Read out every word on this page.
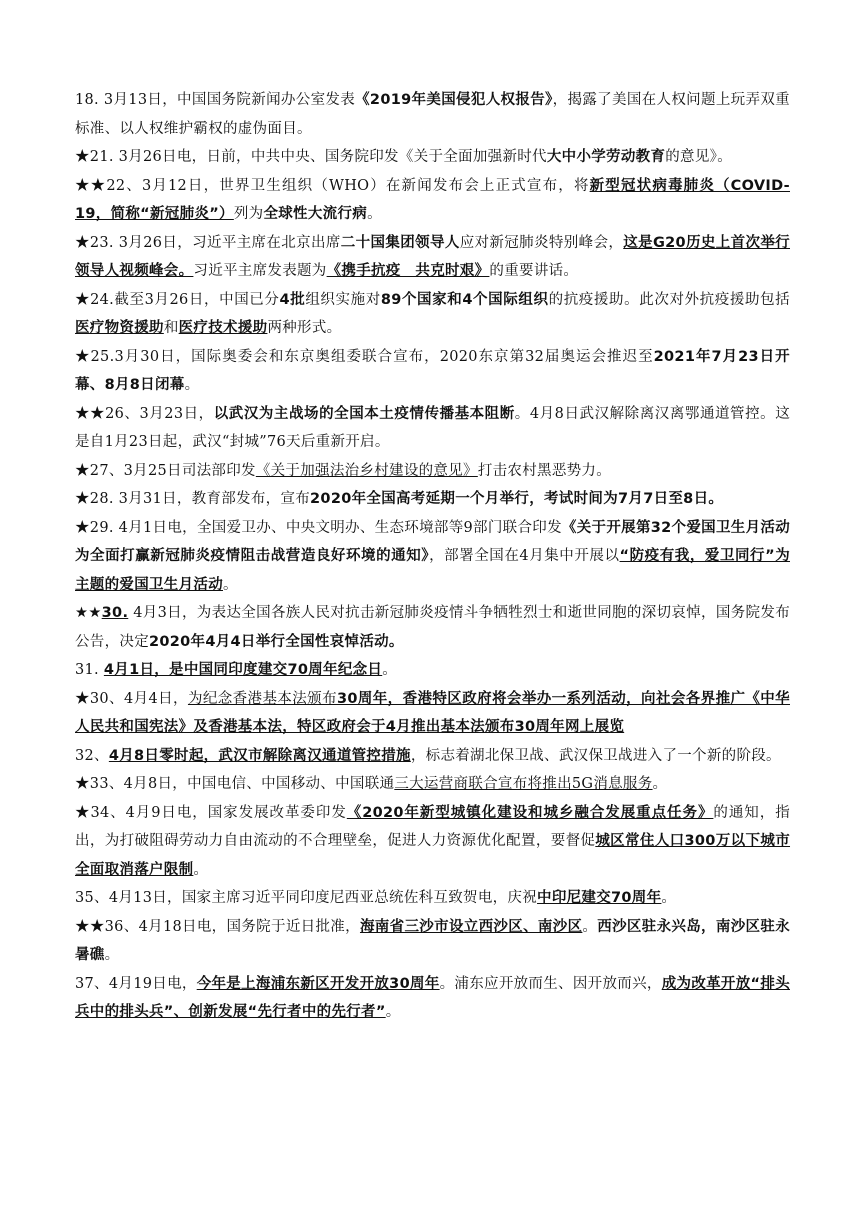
18. 3月13日，中国国务院新闻办公室发表《2019年美国侵犯人权报告》，揭露了美国在人权问题上玩弄双重标准、以人权维护霸权的虚伪面目。
★21. 3月26日电，日前，中共中央、国务院印发《关于全面加强新时代大中小学劳动教育的意见》。
★★22、3月12日，世界卫生组织（WHO）在新闻发布会上正式宣布，将新型冠状病毒肺炎（COVID-19，简称“新冠肺炎”）列为全球性大流行病。
★23. 3月26日，习近平主席在北京出席二十国集团领导人应对新冠肺炎特别峰会，这是G20历史上首次举行领导人视频峰会。习近平主席发表题为《携手抗疫　共克时艰》的重要讲话。
★24.截至3月26日，中国已分4批组织实施对89个国家和4个国际组织的抗疫援助。此次对外抗疫援助包括医疗物资援助和医疗技术援助两种形式。
★25.3月30日，国际奥委会和东京奥组委联合宣布，2020东京第32届奥运会推迟至2021年7月23日开幕、8月8日闭幕。
★★26、3月23日，以武汉为主战场的全国本土疫情传播基本阻断。4月8日武汉解除离汉离鄂通道管控。这是自1月23日起，武汉“封城”76天后重新开启。
★27、3月25日司法部印发《关于加强法治乡村建设的意见》打击农村黑恶势力。
★28. 3月31日，教育部发布，宣布2020年全国高考延期一个月举行，考试时间为7月7日至8日。
★29. 4月1日电，全国爱卫办、中央文明办、生态环境部等9部门联合印发《关于开展第32个爱国卫生月活动为全面打赢新冠肺炎疫情阻击战营造良好环境的通知》，部署全国在4月集中开展以“防疫有我，爱卫同行”为主题的爱国卫生月活动。
★★30. 4月3日，为表达全国各族人民对抗击新冠肺炎疫情斗争牺牲烈士和逝世同胞的深切哀悼，国务院发布公告，决定2020年4月4日举行全国性哀悼活动。
31. 4月1日，是中国同印度建交70周年纪念日。
★30、4月4日，为纪念香港基本法颁布30周年，香港特区政府将会举办一系列活动，向社会各界推广《中华人民共和国宪法》及香港基本法，特区政府会于4月推出基本法颁布30周年网上展览
32、4月8日零时起，武汉市解除离汉通道管控措施，标志着湖北保卫战、武汉保卫战进入了一个新的阶段。
★33、4月8日，中国电信、中国移动、中国联通三大运营商联合宣布将推出5G消息服务。
★34、4月9日电，国家发展改革委印发《2020年新型城镇化建设和城乡融合发展重点任务》的通知，指出，为打破阻碍劳动力自由流动的不合理壁垒，促进人力资源优化配置，要督促城区常住人口300万以下城市全面取消落户限制。
35、4月13日，国家主席习近平同印度尼西亚总统佐科互致贺电，庆祝中印尼建交70周年。
★★36、4月18日电，国务院于近日批准，海南省三沙市设立西沙区、南沙区。西沙区驻永兴岛，南沙区驻永暑礁。
37、4月19日电，今年是上海浦东新区开发开放30周年。浦东应开放而生、因开放而兴，成为改革开放“排头兵中的排头兵”、创新发展“先行者中的先行者”。
